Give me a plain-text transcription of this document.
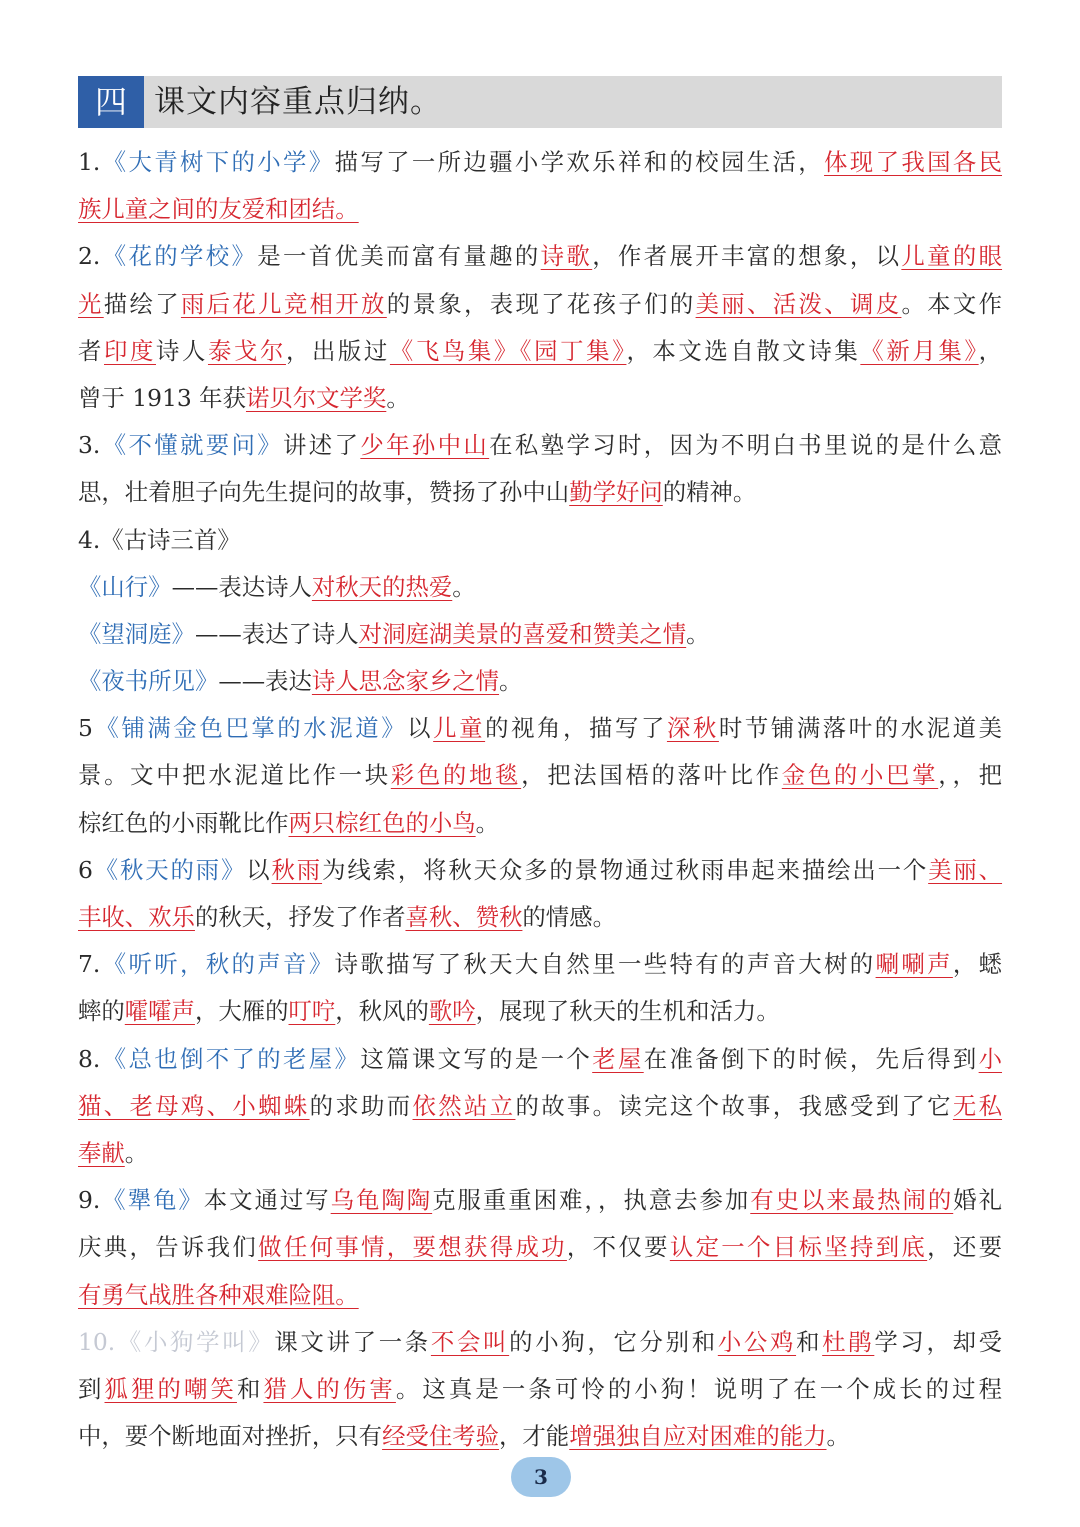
四 课文内容重点归纳。
1.《大青树下的小学》描写了一所边疆小学欢乐祥和的校园生活，体现了我国各民
族儿童之间的友爱和团结。
2.《花的学校》是一首优美而富有量趣的诗歌，作者展开丰富的想象，以儿童的眼
光描绘了雨后花儿竞相开放的景象，表现了花孩子们的美丽、活泼、调皮。本文作
者印度诗人泰戈尔，出版过《飞鸟集》《园丁集》，本文选自散文诗集《新月集》，
曾于 1913 年获诺贝尔文学奖。
3.《不懂就要问》讲述了少年孙中山在私塾学习时，因为不明白书里说的是什么意
思，壮着胆子向先生提问的故事，赞扬了孙中山勤学好问的精神。
4.《古诗三首》
《山行》——表达诗人对秋天的热爱。
《望洞庭》——表达了诗人对洞庭湖美景的喜爱和赞美之情。
《夜书所见》——表达诗人思念家乡之情。
5《铺满金色巴掌的水泥道》以儿童的视角，描写了深秋时节铺满落叶的水泥道美
景。文中把水泥道比作一块彩色的地毯，把法国梧的落叶比作金色的小巴掌，，把
棕红色的小雨靴比作两只棕红色的小鸟。
6《秋天的雨》以秋雨为线索，将秋天众多的景物通过秋雨串起来描绘出一个美丽、
丰收、欢乐的秋天，抒发了作者喜秋、赞秋的情感。
7.《听听，秋的声音》诗歌描写了秋天大自然里一些特有的声音大树的唰唰声，蟋
蟀的嚯嚯声，大雁的叮咛，秋风的歌吟，展现了秋天的生机和活力。
8.《总也倒不了的老屋》这篇课文写的是一个老屋在准备倒下的时候，先后得到小
猫、老母鸡、小蜘蛛的求助而依然站立的故事。读完这个故事，我感受到了它无私
奉献。
9.《犟龟》本文通过写乌龟陶陶克服重重困难，，执意去参加有史以来最热闹的婚礼
庆典，告诉我们做任何事情，要想获得成功，不仅要认定一个目标坚持到底，还要
有勇气战胜各种艰难险阻。
10.《小狗学叫》课文讲了一条不会叫的小狗，它分别和小公鸡和杜鹃学习，却受
到狐狸的嘲笑和猎人的伤害。这真是一条可怜的小狗！说明了在一个成长的过程
中，要个断地面对挫折，只有经受住考验，才能增强独自应对困难的能力。
3
